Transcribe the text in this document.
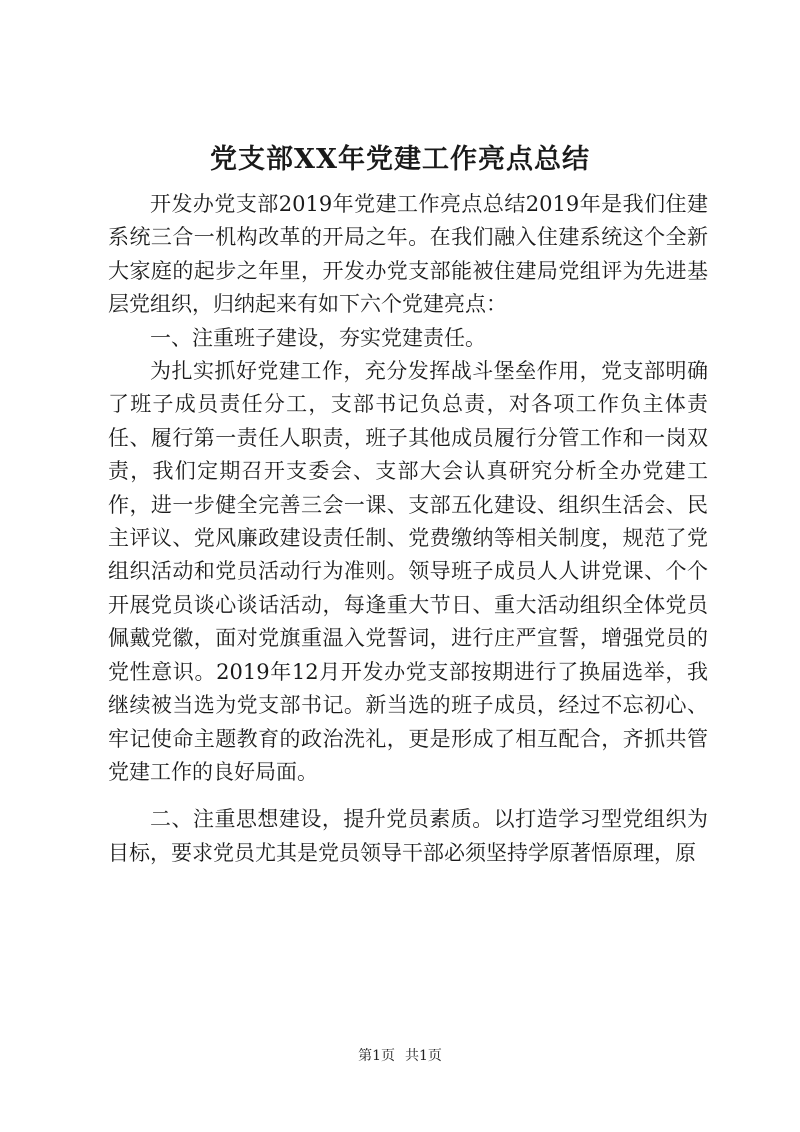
党支部XX年党建工作亮点总结

开发办党支部2019年党建工作亮点总结2019年是我们住建系统三合一机构改革的开局之年。在我们融入住建系统这个全新大家庭的起步之年里，开发办党支部能被住建局党组评为先进基层党组织，归纳起来有如下六个党建亮点：

一、注重班子建设，夯实党建责任。

为扎实抓好党建工作，充分发挥战斗堡垒作用，党支部明确了班子成员责任分工，支部书记负总责，对各项工作负主体责任、履行第一责任人职责，班子其他成员履行分管工作和一岗双责，我们定期召开支委会、支部大会认真研究分析全办党建工作，进一步健全完善三会一课、支部五化建设、组织生活会、民主评议、党风廉政建设责任制、党费缴纳等相关制度，规范了党组织活动和党员活动行为准则。领导班子成员人人讲党课、个个开展党员谈心谈话活动，每逢重大节日、重大活动组织全体党员佩戴党徽，面对党旗重温入党誓词，进行庄严宣誓，增强党员的党性意识。2019年12月开发办党支部按期进行了换届选举，我继续被当选为党支部书记。新当选的班子成员，经过不忘初心、牢记使命主题教育的政治洗礼，更是形成了相互配合，齐抓共管党建工作的良好局面。

二、注重思想建设，提升党员素质。以打造学习型党组织为目标，要求党员尤其是党员领导干部必须坚持学原著悟原理，原

第1页 共1页
